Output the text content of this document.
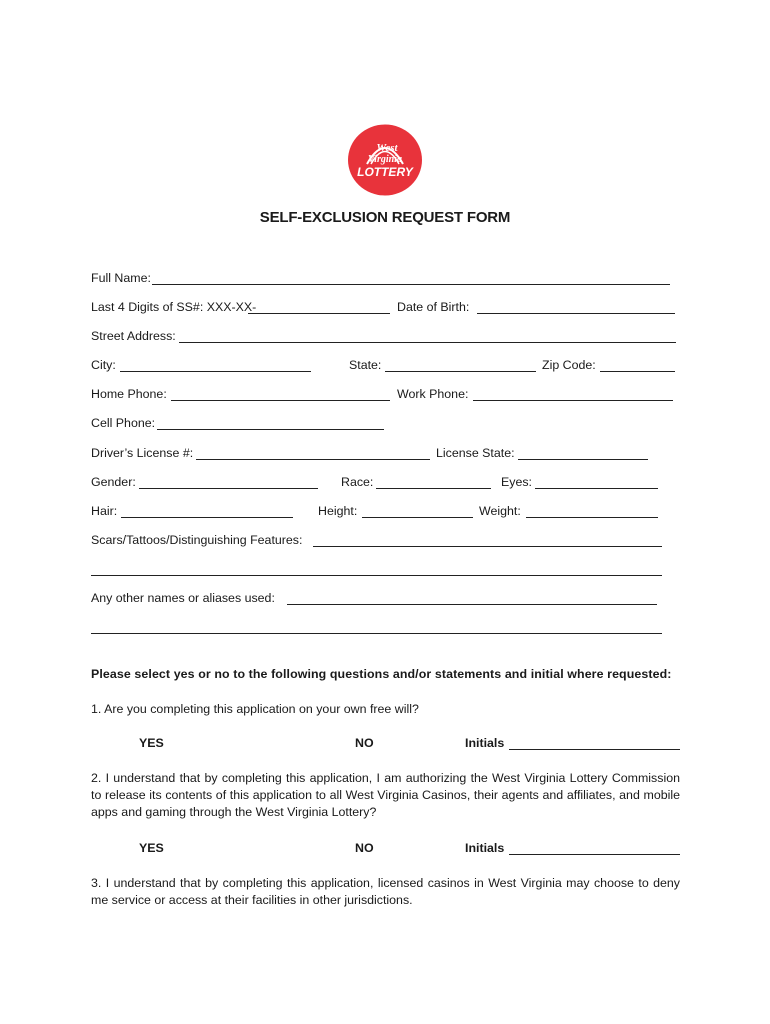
West
Virginia
LOTTERY
SELF-EXCLUSION REQUEST FORM
Full Name:
Last 4 Digits of SS#: XXX-XX-	Date of Birth:
Street Address:
City:	State:	Zip Code:
Home Phone:	Work Phone:
Cell Phone:
Driver’s License #:	License State:
Gender:	Race:	Eyes:
Hair:	Height:	Weight:
Scars/Tattoos/Distinguishing Features:
Any other names or aliases used:
Please select yes or no to the following questions and/or statements and initial where requested:
1. Are you completing this application on your own free will?
YES	NO	Initials
2. I understand that by completing this application, I am authorizing the West Virginia Lottery Commission to release its contents of this application to all West Virginia Casinos, their agents and affiliates, and mobile apps and gaming through the West Virginia Lottery?
YES	NO	Initials
3. I understand that by completing this application, licensed casinos in West Virginia may choose to deny me service or access at their facilities in other jurisdictions.
